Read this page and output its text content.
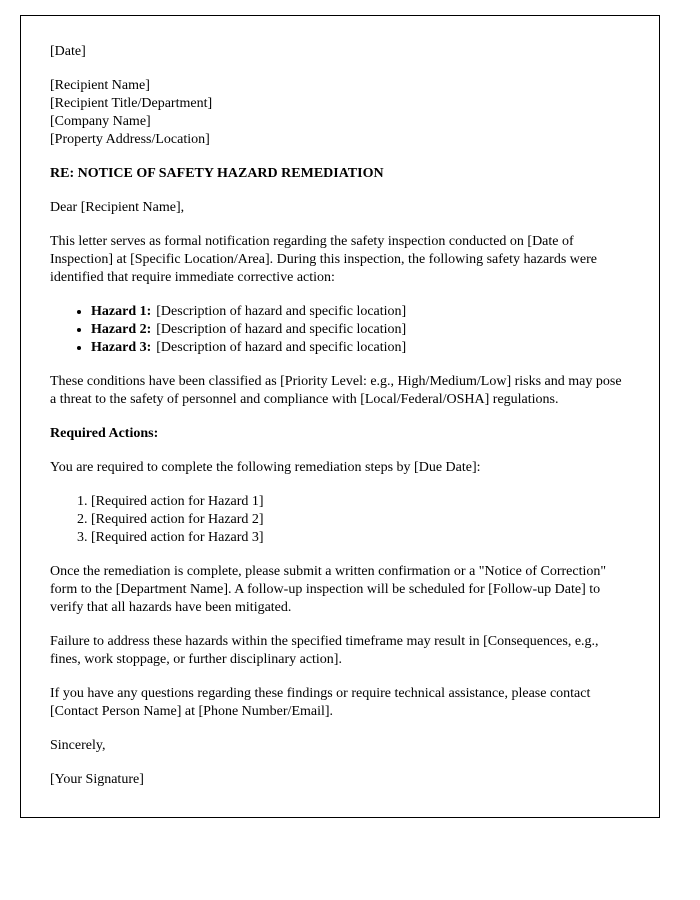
[Date]

[Recipient Name]

[Recipient Title/Department]

[Company Name]

[Property Address/Location]

RE: NOTICE OF SAFETY HAZARD REMEDIATION

Dear [Recipient Name],

This letter serves as formal notification regarding the safety inspection conducted on [Date of Inspection] at [Specific Location/Area]. During this inspection, the following safety hazards were identified that require immediate corrective action:

• Hazard 1: [Description of hazard and specific location]
• Hazard 2: [Description of hazard and specific location]
• Hazard 3: [Description of hazard and specific location]

These conditions have been classified as [Priority Level: e.g., High/Medium/Low] risks and may pose a threat to the safety of personnel and compliance with [Local/Federal/OSHA] regulations.

Required Actions:

You are required to complete the following remediation steps by [Due Date]:

1. [Required action for Hazard 1]
2. [Required action for Hazard 2]
3. [Required action for Hazard 3]

Once the remediation is complete, please submit a written confirmation or a "Notice of Correction" form to the [Department Name]. A follow-up inspection will be scheduled for [Follow-up Date] to verify that all hazards have been mitigated.

Failure to address these hazards within the specified timeframe may result in [Consequences, e.g., fines, work stoppage, or further disciplinary action].

If you have any questions regarding these findings or require technical assistance, please contact [Contact Person Name] at [Phone Number/Email].

Sincerely,

[Your Signature]
